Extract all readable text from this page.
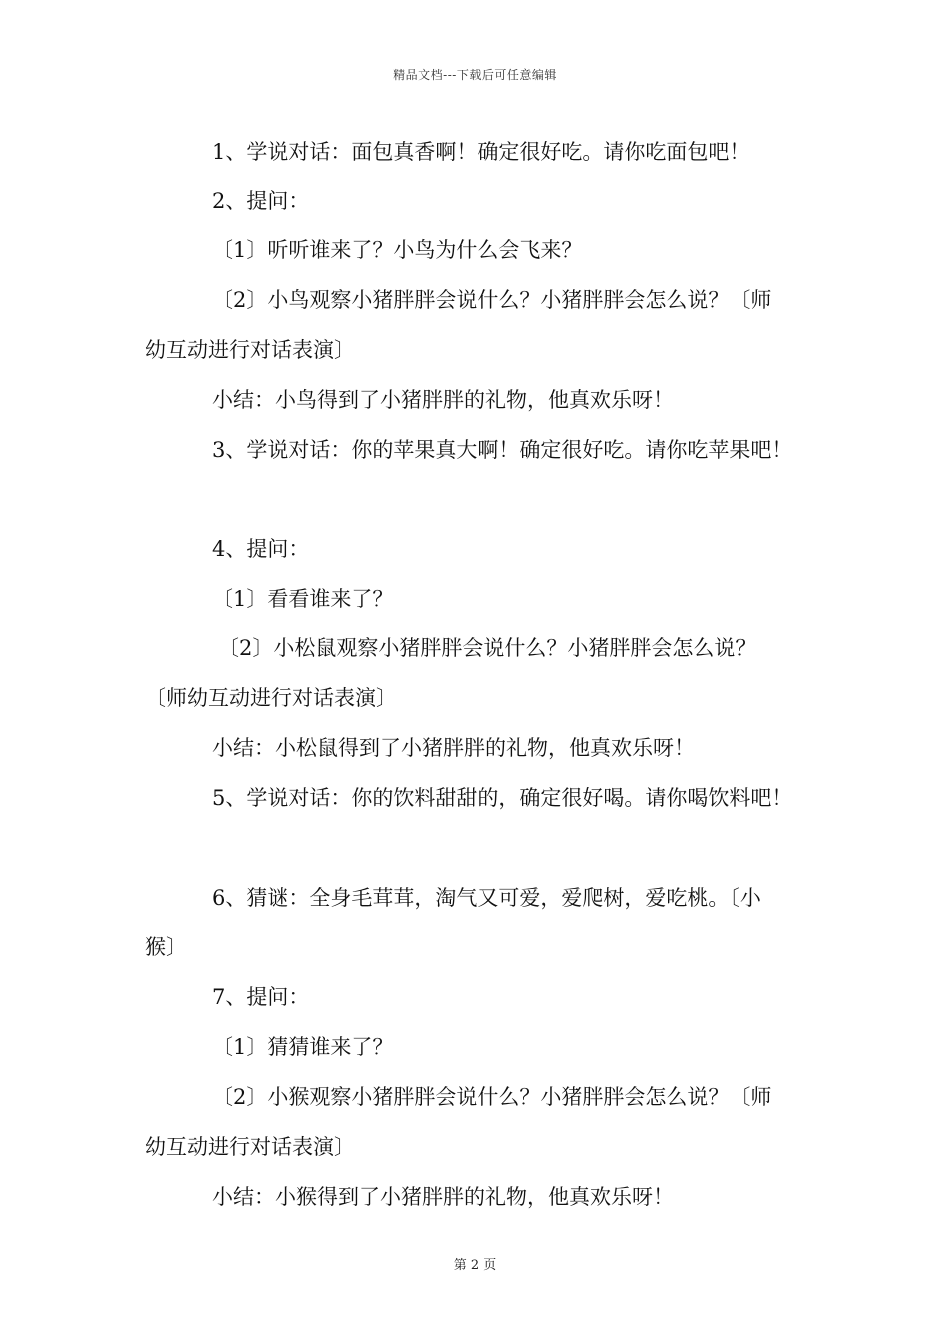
精品文档---下载后可任意编辑
1、学说对话：面包真香啊！确定很好吃。请你吃面包吧！
2、提问：
〔1〕听听谁来了？小鸟为什么会飞来？
〔2〕小鸟观察小猪胖胖会说什么？小猪胖胖会怎么说？〔师
幼互动进行对话表演〕
小结：小鸟得到了小猪胖胖的礼物，他真欢乐呀！
3、学说对话：你的苹果真大啊！确定很好吃。请你吃苹果吧！
4、提问：
〔1〕看看谁来了？
〔2〕小松鼠观察小猪胖胖会说什么？小猪胖胖会怎么说？
〔师幼互动进行对话表演〕
小结：小松鼠得到了小猪胖胖的礼物，他真欢乐呀！
5、学说对话：你的饮料甜甜的，确定很好喝。请你喝饮料吧！
6、猜谜：全身毛茸茸，淘气又可爱，爱爬树，爱吃桃。〔小
猴〕
7、提问：
〔1〕猜猜谁来了？
〔2〕小猴观察小猪胖胖会说什么？小猪胖胖会怎么说？〔师
幼互动进行对话表演〕
小结：小猴得到了小猪胖胖的礼物，他真欢乐呀！
第 2 页
